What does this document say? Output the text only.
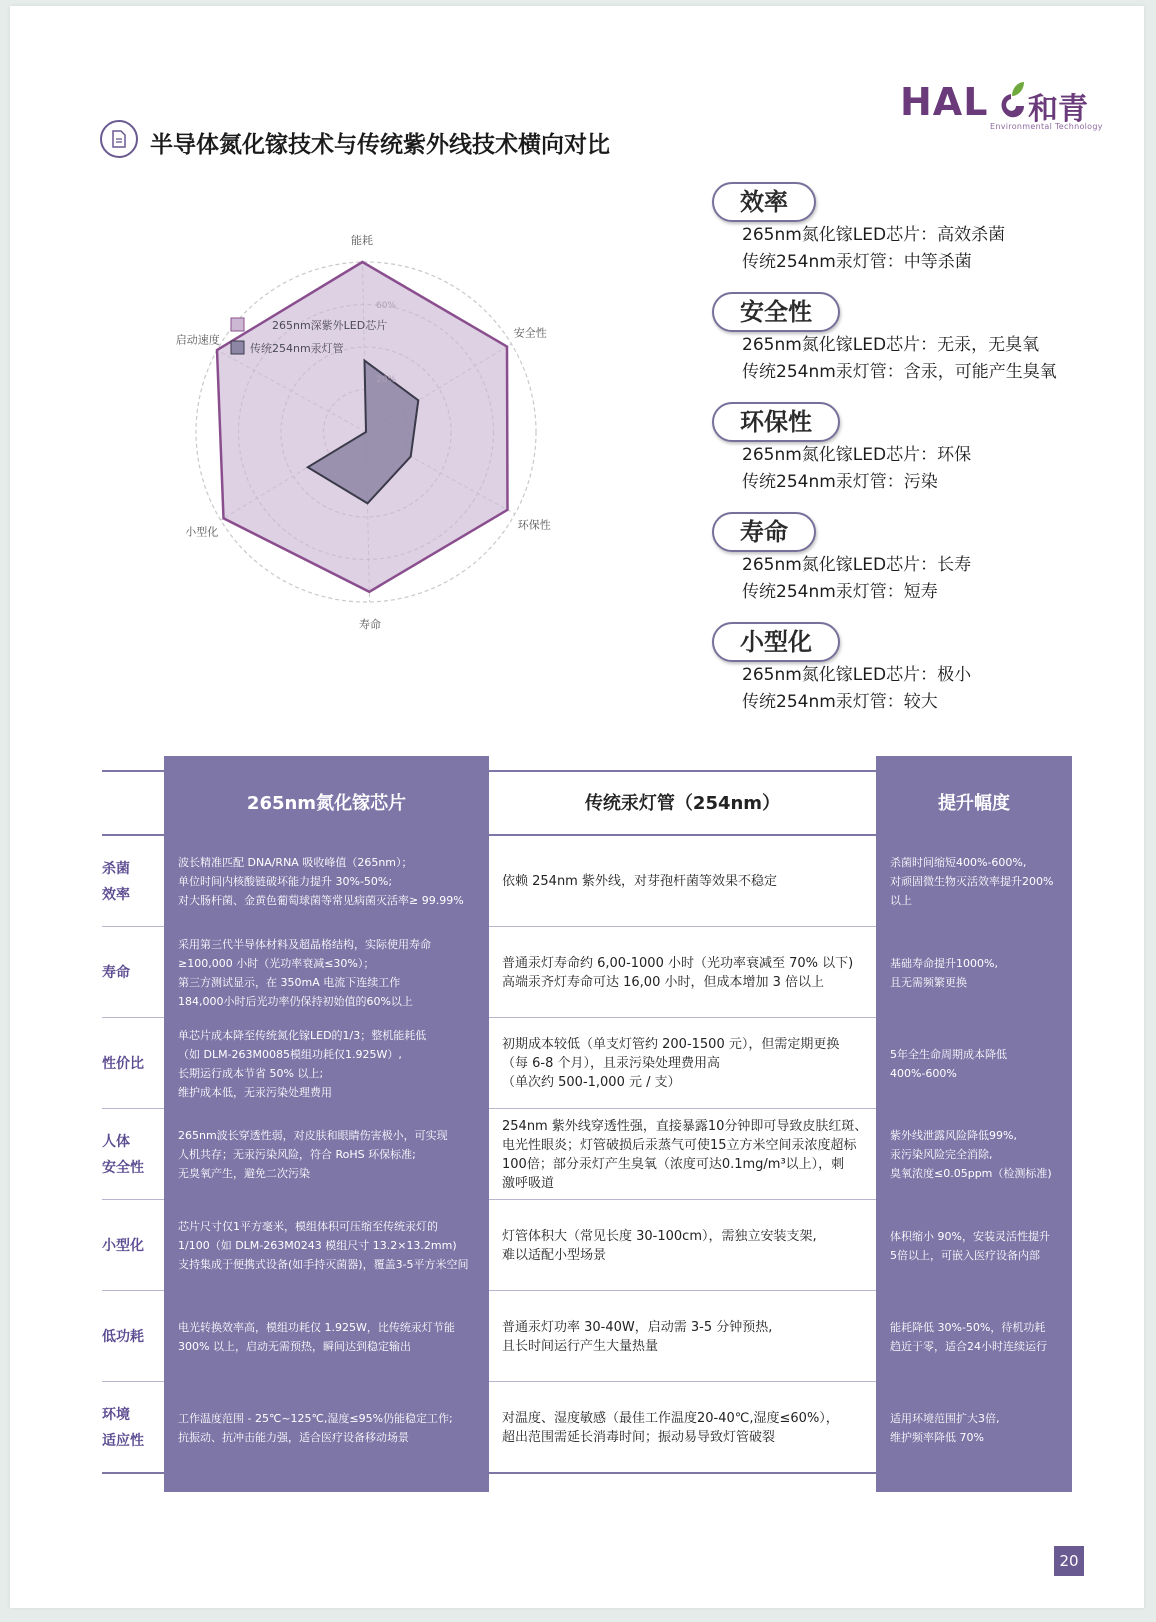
HAL 和青
Environmental Technology
半导体氮化镓技术与传统紫外线技术横向对比
能耗
安全性
环保性
寿命
小型化
启动速度
60%
20%
265nm深紫外LED芯片
传统254nm汞灯管
效率
265nm氮化镓LED芯片：高效杀菌
传统254nm汞灯管：中等杀菌
安全性
265nm氮化镓LED芯片：无汞，无臭氧
传统254nm汞灯管：含汞，可能产生臭氧
环保性
265nm氮化镓LED芯片：环保
传统254nm汞灯管：污染
寿命
265nm氮化镓LED芯片：长寿
传统254nm汞灯管：短寿
小型化
265nm氮化镓LED芯片：极小
传统254nm汞灯管：较大
265nm氮化镓芯片	传统汞灯管（254nm）	提升幅度
杀菌
效率
波长精准匹配 DNA/RNA 吸收峰值（265nm）；
单位时间内核酸链破坏能力提升 30%-50%;
对大肠杆菌、金黄色葡萄球菌等常见病菌灭活率≥ 99.99%
依赖 254nm 紫外线，对芽孢杆菌等效果不稳定
杀菌时间缩短400%-600%,
对顽固微生物灭活效率提升200%
以上
寿命
采用第三代半导体材料及超晶格结构，实际使用寿命
≥100,000 小时（光功率衰减≤30%）；
第三方测试显示，在 350mA 电流下连续工作
184,000小时后光功率仍保持初始值的60%以上
普通汞灯寿命约 6,00-1000 小时（光功率衰减至 70% 以下)
高端汞齐灯寿命可达 16,00 小时，但成本增加 3 倍以上
基础寿命提升1000%,
且无需频繁更换
性价比
单芯片成本降至传统氮化镓LED的1/3；整机能耗低
（如 DLM-263M0085模组功耗仅1.925W）,
长期运行成本节省 50% 以上;
维护成本低，无汞污染处理费用
初期成本较低（单支灯管约 200-1500 元），但需定期更换
（每 6-8 个月），且汞污染处理费用高
（单次约 500-1,000 元 / 支）
5年全生命周期成本降低
400%-600%
人体
安全性
265nm波长穿透性弱，对皮肤和眼睛伤害极小，可实现
人机共存；无汞污染风险，符合 RoHS 环保标准;
无臭氧产生，避免二次污染
254nm 紫外线穿透性强，直接暴露10分钟即可导致皮肤红斑、
电光性眼炎；灯管破损后汞蒸气可使15立方米空间汞浓度超标
100倍；部分汞灯产生臭氧（浓度可达0.1mg/m³以上），刺
激呼吸道
紫外线泄露风险降低99%,
汞污染风险完全消除,
臭氧浓度≤0.05ppm（检测标准)
小型化
芯片尺寸仅1平方毫米，模组体积可压缩至传统汞灯的
1/100（如 DLM-263M0243 模组尺寸 13.2×13.2mm)
支持集成于便携式设备(如手持灭菌器)，覆盖3-5平方米空间
灯管体积大（常见长度 30-100cm），需独立安装支架,
难以适配小型场景
体积缩小 90%，安装灵活性提升
5倍以上，可嵌入医疗设备内部
低功耗
电光转换效率高，模组功耗仅 1.925W，比传统汞灯节能
300% 以上，启动无需预热，瞬间达到稳定输出
普通汞灯功率 30-40W，启动需 3-5 分钟预热,
且长时间运行产生大量热量
能耗降低 30%-50%，待机功耗
趋近于零，适合24小时连续运行
环境
适应性
工作温度范围 - 25℃~125℃,湿度≤95%仍能稳定工作;
抗振动、抗冲击能力强，适合医疗设备移动场景
对温度、湿度敏感（最佳工作温度20-40℃,湿度≤60%），
超出范围需延长消毒时间；振动易导致灯管破裂
适用环境范围扩大3倍,
维护频率降低 70%
20
